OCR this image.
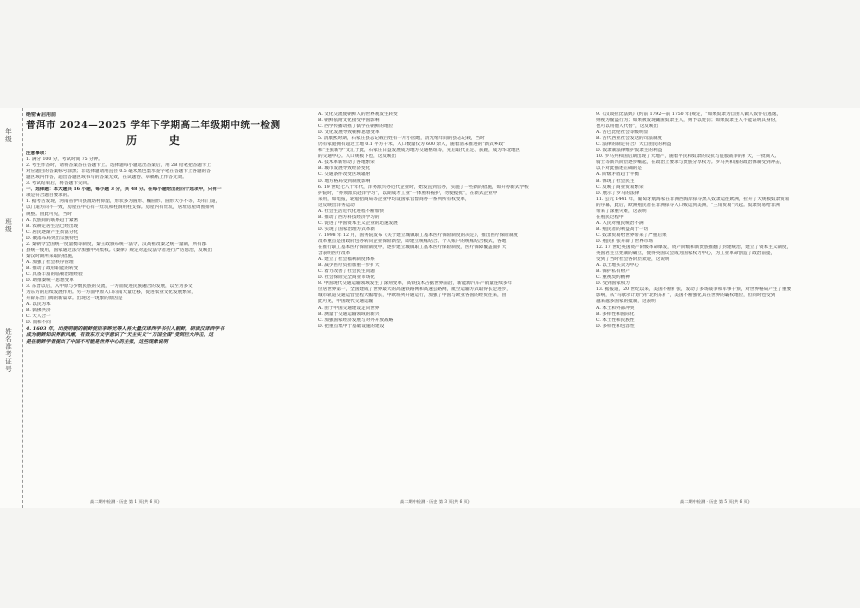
年级
班级
姓名准考证号

绝密★启用前

普洱市 2024—2025 学年下学期高二年级期中统一检测

历 史

注意事项：

1. 满分 100 分，考试时间 75 分钟。

2. 考生作答时，请将答案答在答题卡上。选择题每小题选出答案后，用 2B 铅笔把答题卡上

对应题目的答案标号涂黑；非选择题请用直径 0.5 毫米黑色墨水签字笔在答题卡上各题的答

题区域内作答，超出答题区域书写的答案无效，在试题卷、草稿纸上作答无效。

3. 考试结束后，将答题卡交回。

一、选择题：本大题共 16 小题，每小题 3 分，共 48 分。在每小题给出的四个选项中，只有一

项是符合题目要求的。

1. 据考古发现，河南省伊川县渡坊村仰韶，形状多为圆形、椭圆形、圆形大小不等，均有门道，

以门道方向不一致，房屋在中心有一灶坑和柱洞用柱支撑。房屋内有灶坑，居址房屋周围排列

规整。由此可见，当时

A. 氏族间的联系趋于紧密

B. 农耕定居生活已经出现

C. 居民逐渐产生贫富分化

D. 聚落布局突出宗族特色

2. 秦朝令全国统一度量衡等制度，秦王政颁布统一法令，汉高祖改秦之统一量制，所有郡

县统一使用，国家通过法令加强中央集权。《秦律》规定对违反法令者进行严厉惩治，反映出

秦汉时期所采取的措施，

A. 加强了社会秩序管理

B. 推动了政府职能的转变

C. 具备丰富的临朝治理经验

D. 助推秦统一思想变革

3. 东晋以后，入中原与少数民族的交流，一方面促进民族融合的发展，以至为多文

为东方的后续发展作用。另一方面中原人口向南大量迁移，促进农业文化发展繁荣，

开辟东晋门阀的新篇章。出现这一现象的原因是

A. 以民为本

B. 儒佛共济

C. 天人合一

D. 而和不同

4. 1603 年，出使明朝的朝鲜使臣李晔光等人将大量汉译西学书引入朝鲜，研读汉译西学书

成为朝鲜知识界新风潮，有效东方文字意识了“天主实义”“万国全图”受到巨大冲击，这

是在朝鲜学者提出了中国不可能是世界中心的主张，这些现象说明

A. 文化交流使朝鲜人的世界观发生转变

B. 朝鲜依附文化接受中国影响

C. 西学传播动摇了儒学在朝鲜的地位

D. 文化发展导致朝鲜思想变革

5. 清康熙时期，石家庄县志记载百姓有一片小园地，清光绪年间的县志记载，当时

仍有家庭拥有超过土地 0.1 平方千米。人口数量仅为 600 余人，随着清末推进的“新式乡政”

和“主张新学”文汇于此，石家庄日益发展成为地方交通枢纽等，先后取代正定、获鹿，成为华北地区

的交通中心。人口规模下也，这反映出

A. 技术革新带动了各地繁荣

B. 城市发展导致经济变化

C. 交通条件改变区域辐射

D. 地方格局受到制度影响

6. 19 世纪七八十年代，洋务派兴办近代企业时，始发直到官办，实施了一些新的措施，如开办新式学校

护院时，“亦须派员赴洋学习”，以期成才工业“一体照料振护，勿使搅扰”，在新式企业中

采用，如电报，轮船招商局等企业中均设国家官督商办一系列所有权变革，

这反映出洋务运动

A. 社会生活近代化进程不断加快

B. 推动了西方科技经济学习的

C. 促进了中国资本主义企业的迅速发展

D. 实现了国家治理方式革新

7. 1998 年 12 月，国务院发布《关于建立城镇职工基本医疗保险制度的决定》，推出医疗保险制度

改革重点是由政府包办转向企业保险新型，即建立统账结合、个人账户的统账结合模式，各地

在推行职工基本医疗保险制度中，逐步建立城镇职工基本医疗保险制度，医疗保障覆盖面扩大

含表明医疗改革

A. 建立了社会福利制度体系

B. 减少医疗负担加重一步扩大

C. 着力改善了社会民生问题

D. 社会保险完全商业市场化

8. 中国现代交通运输领域发生了深刻变革，高铁技术占据世界前沿，新能源汽车产销量连续多年

位居世界第一，全国建成了世界最大的高速铁路网和高速公路网，航空运输方式取得长足进步，

城市轨道交通运营里程大幅增长，中欧班列开通运行，加强了中国与欧亚各国的经贸往来，由

此可见，中国现代交通运输

A. 由于中国交通建设走向世界

B. 测量于交通运输领域的新兴

C. 加强国家经济发展与对外开放战略

D. 把重点集中于基础设施的建设

9.《汉谟拉比法典》(约前 1792—前 1750 年)规定，“如果奴隶为自由人做人奴仆后逃逸，

则视为偷盗行为；如果被发现藏匿奴隶主人，则予以处罚；如果奴隶主人不能证明其身份，

也可以用他人代替”，这反映出

A. 古巴比伦社会等级明显

B. 古代西亚社会发达的司法制度

C. 法律的制定符合广大自由民的利益

D. 奴隶制法律维护奴隶主的利益

10. 罗马共和国后期出现了大地产，随着平民和奴隶的反抗与征服战争的扩大，一批商人、

骑士等新兴阶层逐步崛起，在政治上要求与贵族分享权力。罗马共和国的政治体制受到冲击，

以下对此描述正确的是

A. 阶级矛盾趋于平衡

B. 体现了社会民主

C. 反映了商业贸易繁荣

D. 展示了罗马的法律

11. 公元 1441 年，葡萄牙航海家在非洲西海岸掠夺黑人奴隶运往欧洲，拉开了大规模奴隶贸易

的序幕，此后，欧洲殖民者在非洲掠夺人口贩运到美洲，“三角贸易”兴起。奴隶贸易给非洲

带来了深重灾难，这表明

在殖民过程中

A. 人民对殖民统治不满

B. 殖民者的利益高于一切

C. 奴隶贸易给世界带来了严重后果

D. 殖民扩张开辟了世界市场

12. 17 世纪英国资产阶级革命爆发，资产阶级和新贵族推翻了封建统治，建立了资本主义制度，

英国君主立宪制的确立，使得英国议会成为国家权力中心，为工业革命创造了政治前提，

受到了当时社会各阶层欢迎，这说明

A. 以土地买卖为中心

B. 保护私有财产

C. 重视契约精神

D. 受到国家权力

13. 据报道，20 世纪以来，美国不断扩张，发动了多场战争和军事干预，对世界格局产生了重要

影响，从“马歇尔计划”到“北约东扩”，美国不断强化其在世界的霸权地位，但同时也受到

越来越多国家的抵制，这表明

A. 本土和外部冲突

B. 多样性和国际化

C. 本土性和民族性

D. 多样性和包容性

高二期中检测 · 历史 第 1 页(共 6 页)	高二期中检测 · 历史 第 3 页(共 6 页)	高二期中检测 · 历史 第 5 页(共 6 页)
